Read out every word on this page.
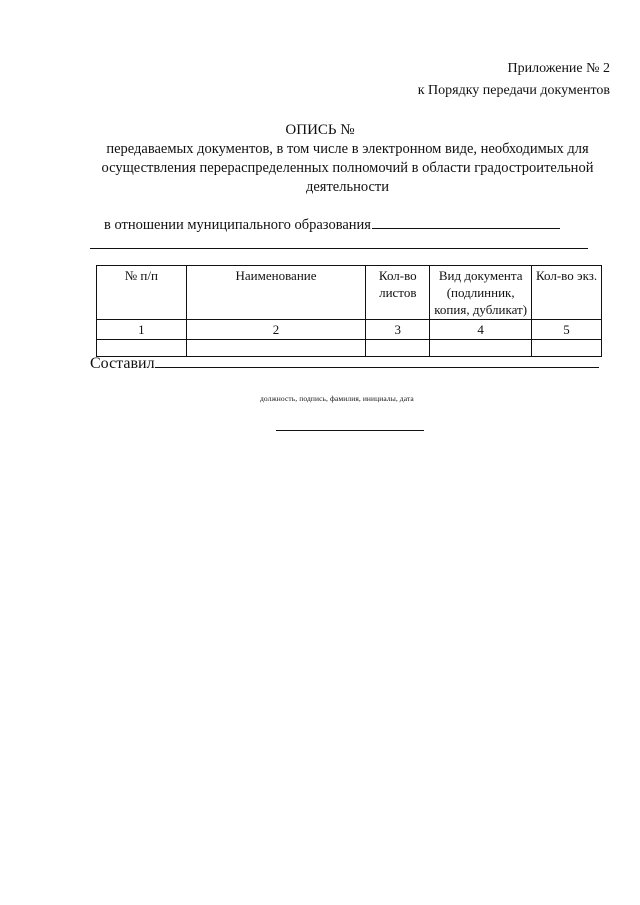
Приложение № 2
к Порядку передачи документов
ОПИСЬ №
передаваемых документов, в том числе в электронном виде, необходимых для осуществления перераспределенных полномочий в области градостроительной деятельности
в отношении муниципального образования
№ п/п	Наименование	Кол-во листов	Вид документа (подлинник, копия, дубликат)	Кол-во экз.
1	2	3	4	5

Составил
должность, подпись, фамилия, инициалы, дата
